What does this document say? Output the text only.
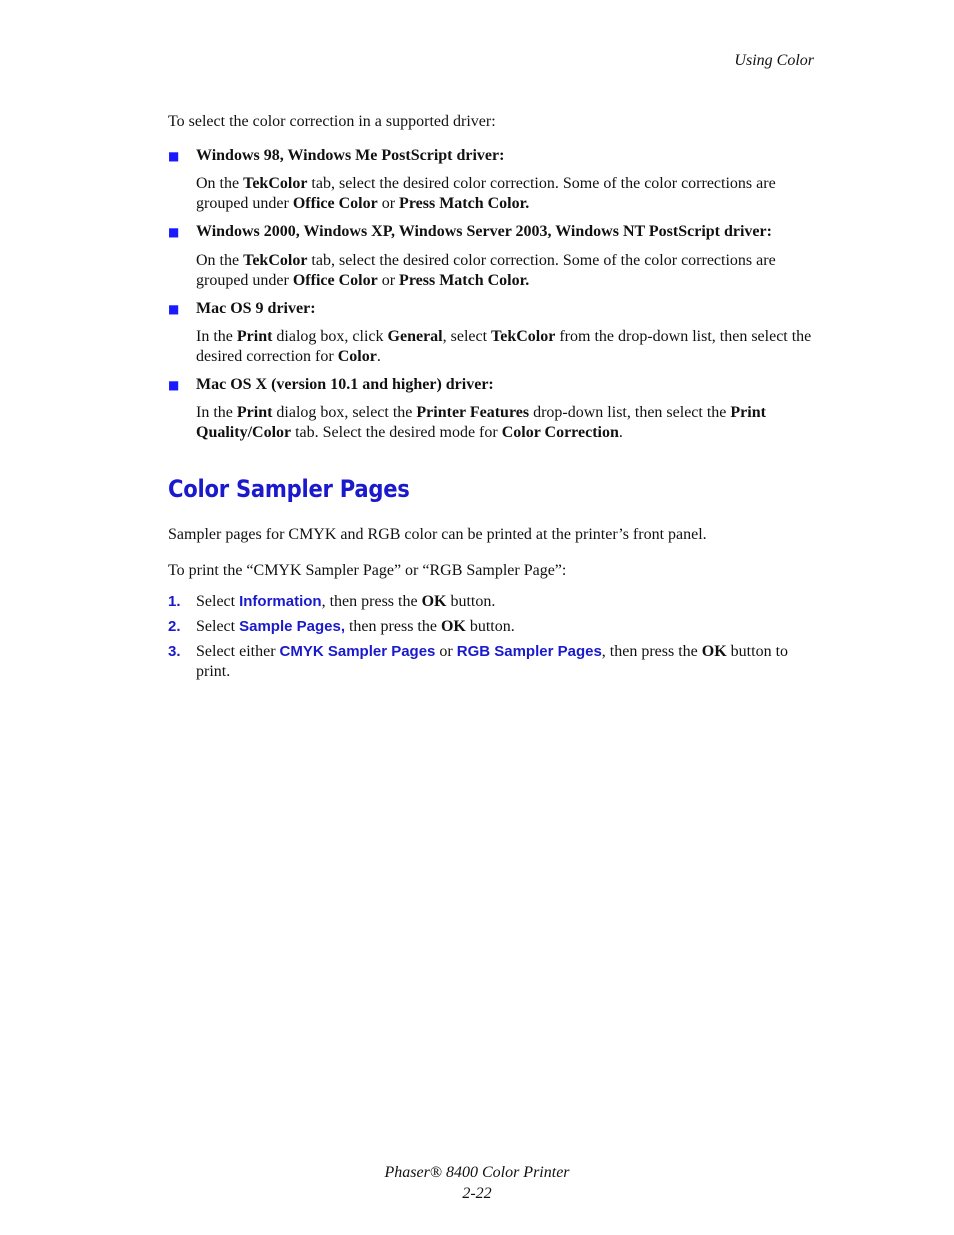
Using Color
To select the color correction in a supported driver:
■ Windows 98, Windows Me PostScript driver:
On the TekColor tab, select the desired color correction. Some of the color corrections are grouped under Office Color or Press Match Color.
■ Windows 2000, Windows XP, Windows Server 2003, Windows NT PostScript driver:
On the TekColor tab, select the desired color correction. Some of the color corrections are grouped under Office Color or Press Match Color.
■ Mac OS 9 driver:
In the Print dialog box, click General, select TekColor from the drop-down list, then select the desired correction for Color.
■ Mac OS X (version 10.1 and higher) driver:
In the Print dialog box, select the Printer Features drop-down list, then select the Print Quality/Color tab. Select the desired mode for Color Correction.
Color Sampler Pages
Sampler pages for CMYK and RGB color can be printed at the printer’s front panel.
To print the “CMYK Sampler Page” or “RGB Sampler Page”:
1. Select Information, then press the OK button.
2. Select Sample Pages, then press the OK button.
3. Select either CMYK Sampler Pages or RGB Sampler Pages, then press the OK button to print.
Phaser® 8400 Color Printer
2-22
